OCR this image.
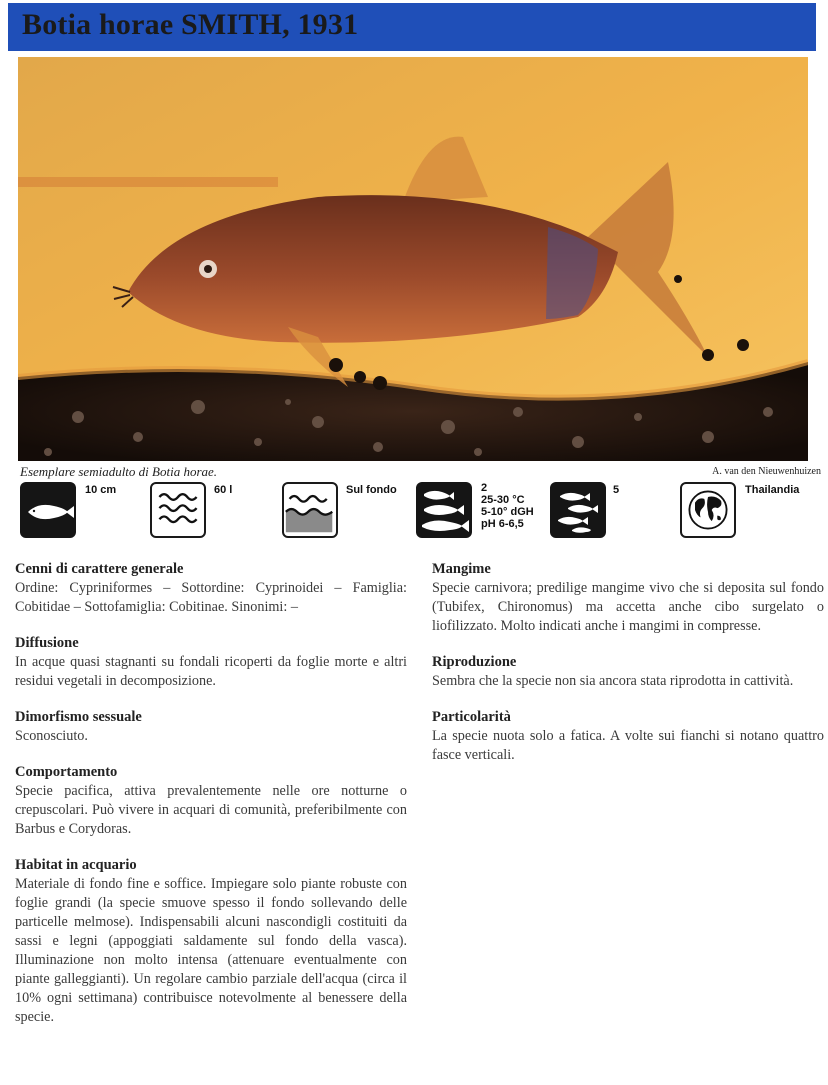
Botia horae SMITH, 1931
Esemplare semiadulto di Botia horae.	A. van den Nieuwenhuizen
10 cm	60 l	Sul fondo	2
25-30 °C
5-10° dGH
pH 6-6,5
5	Thailandia
Cenni di carattere generale

Ordine: Cypriniformes – Sottordine: Cyprinoidei – Famiglia: Cobitidae – Sottofamiglia: Cobitinae. Sinonimi: –

Diffusione

In acque quasi stagnanti su fondali ricoperti da foglie morte e altri residui vegetali in decomposizione.

Dimorfismo sessuale

Sconosciuto.

Comportamento

Specie pacifica, attiva prevalentemente nelle ore notturne o crepuscolari. Può vivere in acquari di comunità, preferibilmente con Barbus e Corydoras.

Habitat in acquario

Materiale di fondo fine e soffice. Impiegare solo piante robuste con foglie grandi (la specie smuove spesso il fondo sollevando delle particelle melmose). Indispensabili alcuni nascondigli costituiti da sassi e legni (appoggiati saldamente sul fondo della vasca). Illuminazione non molto intensa (attenuare eventualmente con piante galleggianti). Un regolare cambio parziale dell'acqua (circa il 10% ogni settimana) contribuisce notevolmente al benessere della specie.

Mangime

Specie carnivora; predilige mangime vivo che si deposita sul fondo (Tubifex, Chironomus) ma accetta anche cibo surgelato o liofilizzato. Molto indicati anche i mangimi in compresse.

Riproduzione

Sembra che la specie non sia ancora stata riprodotta in cattività.

Particolarità

La specie nuota solo a fatica. A volte sui fianchi si notano quattro fasce verticali.
